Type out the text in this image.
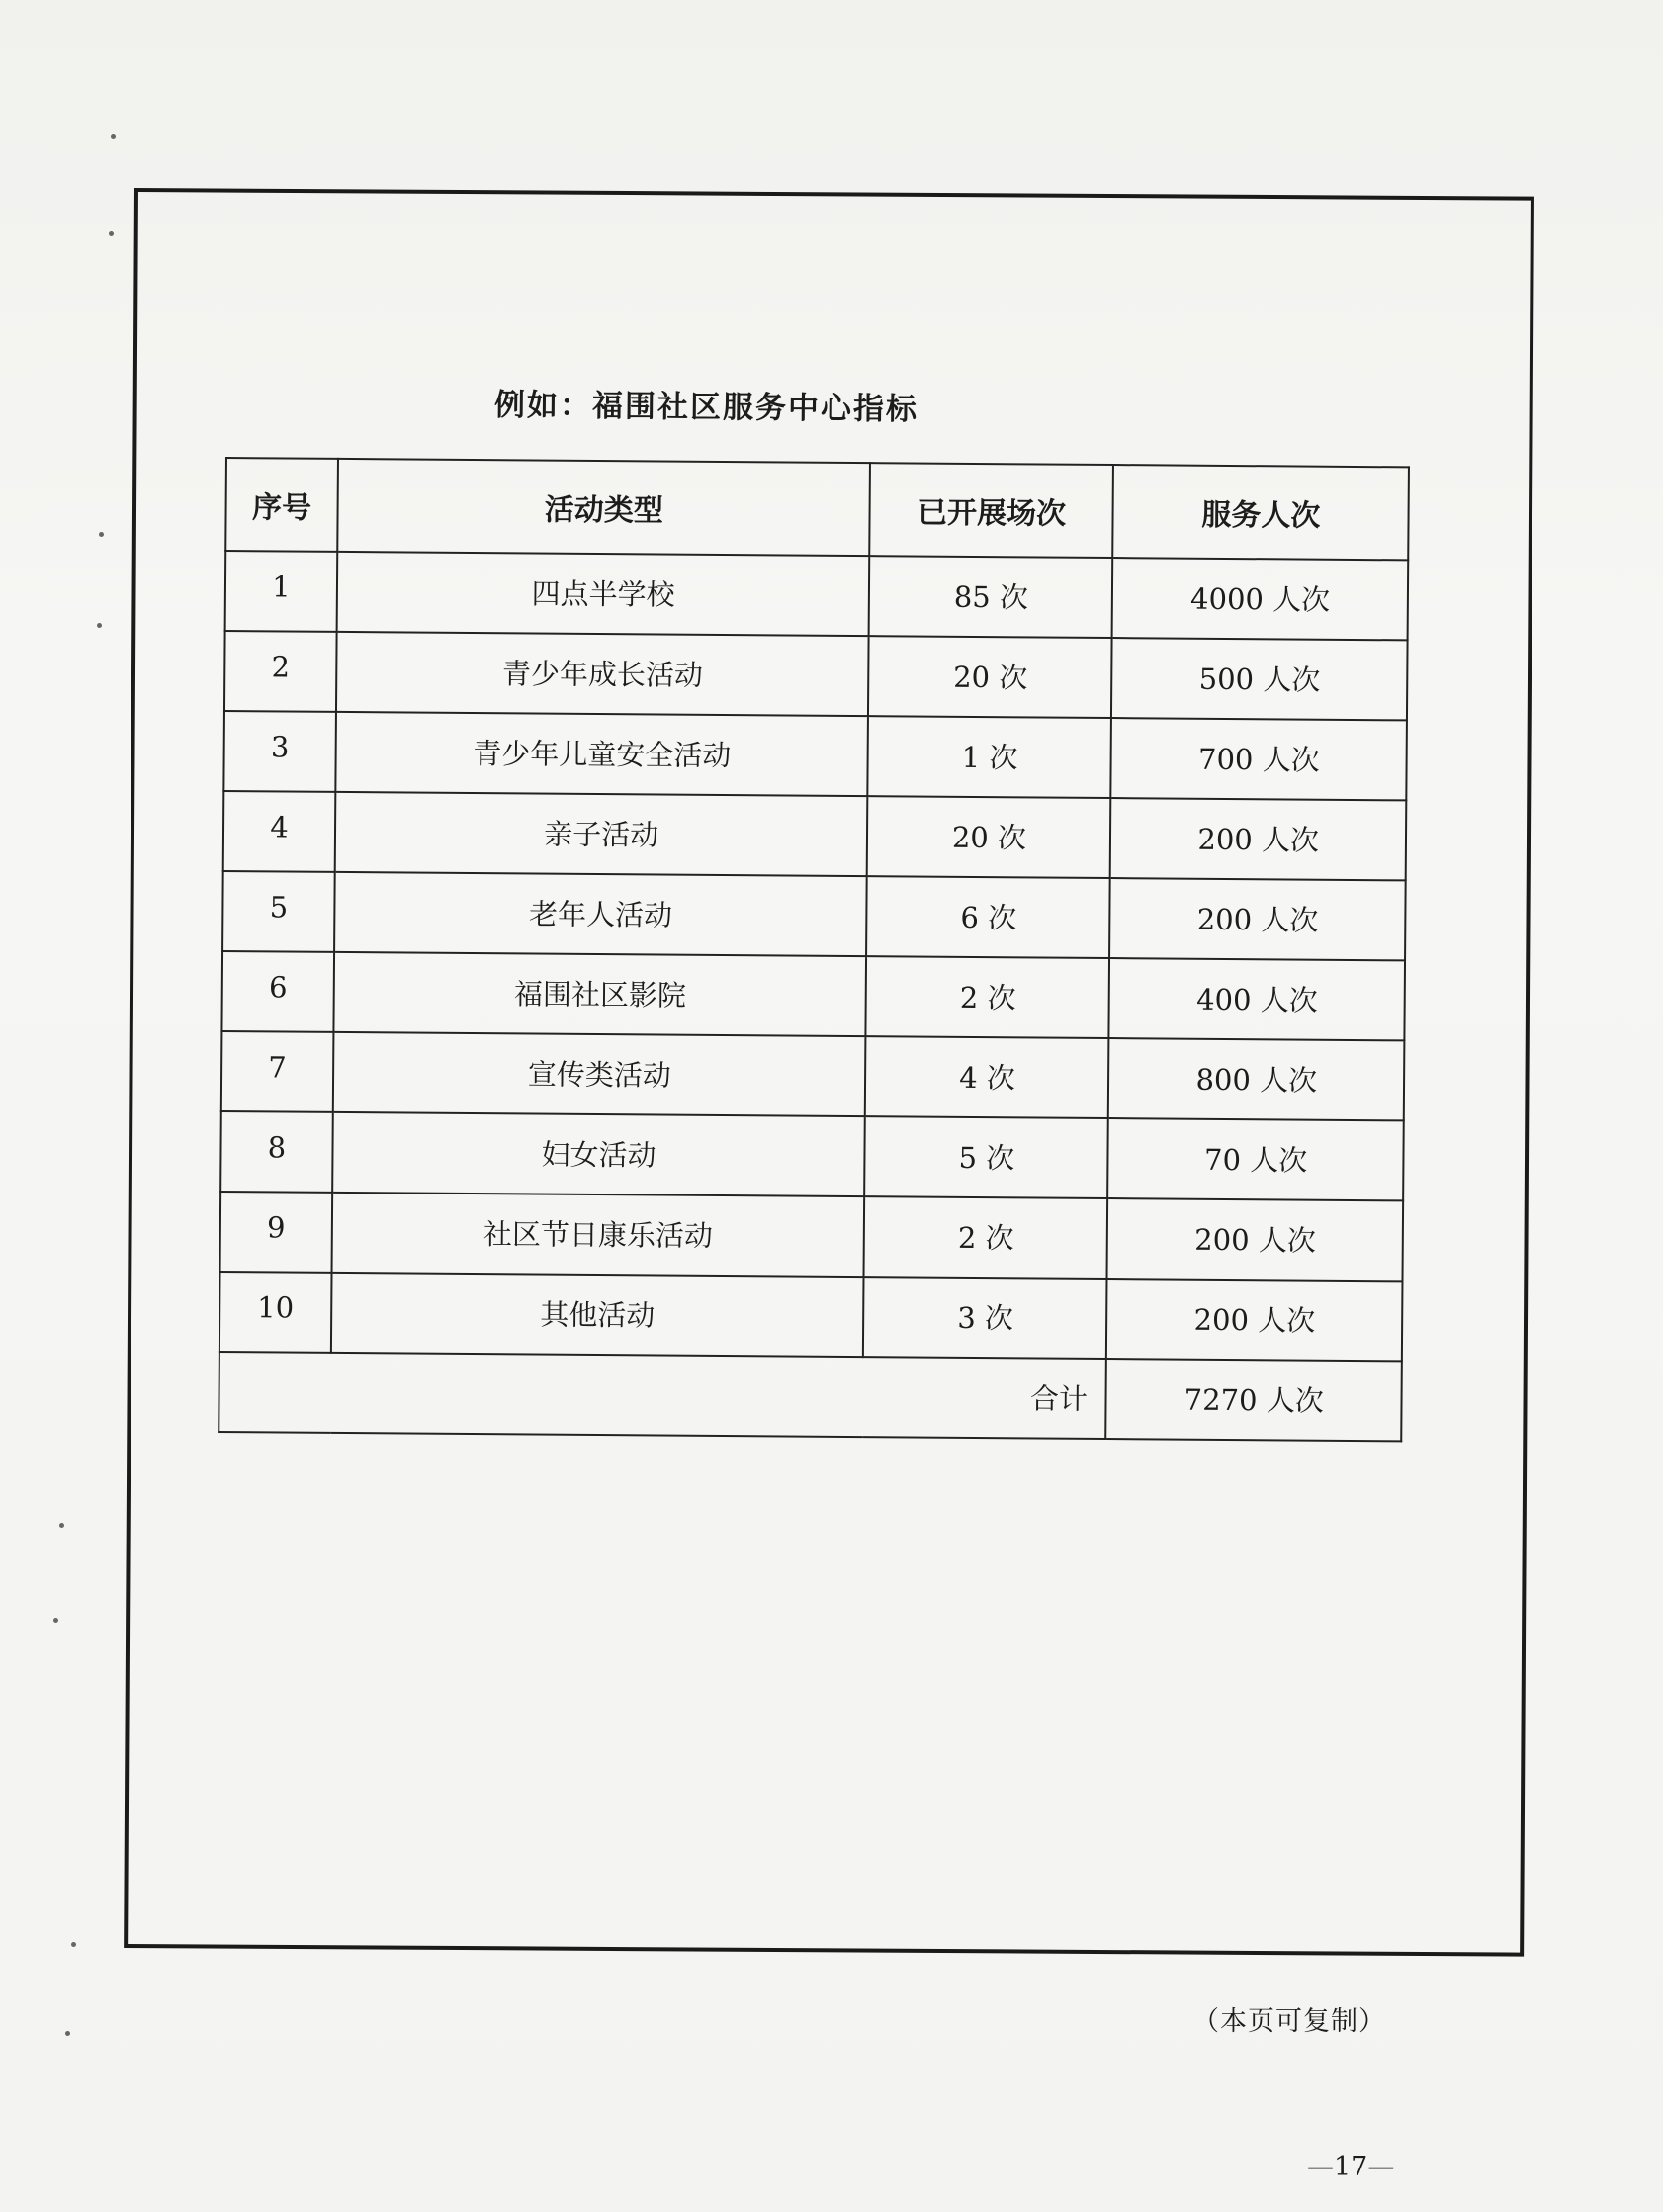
例如：福围社区服务中心指标
序号	活动类型	已开展场次	服务人次
1	四点半学校	85 次	4000 人次
2	青少年成长活动	20 次	500 人次
3	青少年儿童安全活动	1 次	700 人次
4	亲子活动	20 次	200 人次
5	老年人活动	6 次	200 人次
6	福围社区影院	2 次	400 人次
7	宣传类活动	4 次	800 人次
8	妇女活动	5 次	70 人次
9	社区节日康乐活动	2 次	200 人次
10	其他活动	3 次	200 人次
合计			7270 人次
（本页可复制）
—17—
